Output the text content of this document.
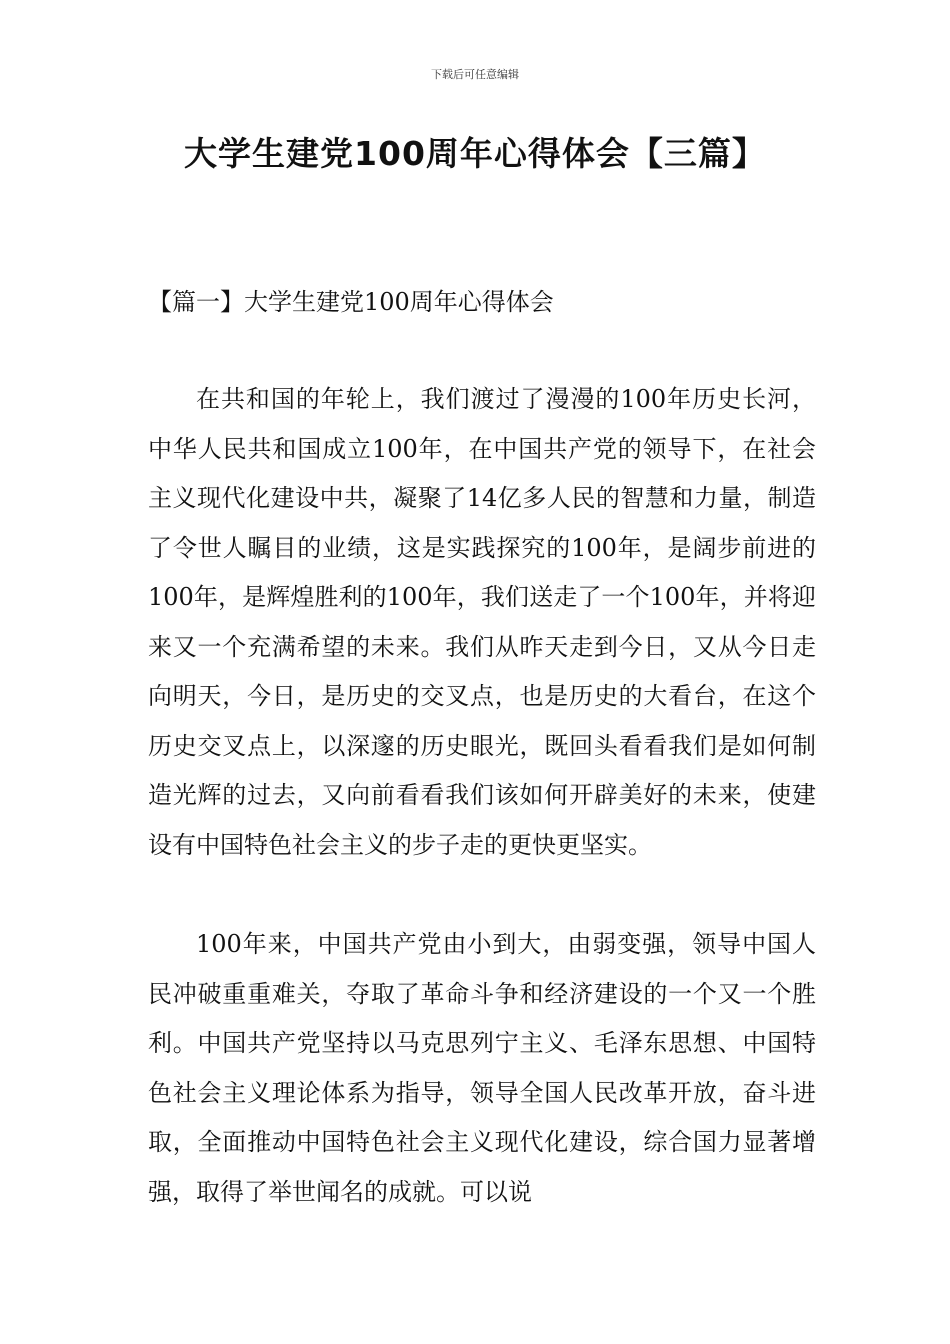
下载后可任意编辑
大学生建党100周年心得体会【三篇】
【篇一】大学生建党100周年心得体会

在共和国的年轮上，我们渡过了漫漫的100年历史长河，中华人民共和国成立100年，在中国共产党的领导下，在社会主义现代化建设中共，凝聚了14亿多人民的智慧和力量，制造了令世人瞩目的业绩，这是实践探究的100年，是阔步前进的100年，是辉煌胜利的100年，我们送走了一个100年，并将迎来又一个充满希望的未来。我们从昨天走到今日，又从今日走向明天，今日，是历史的交叉点，也是历史的大看台，在这个历史交叉点上，以深邃的历史眼光，既回头看看我们是如何制造光辉的过去，又向前看看我们该如何开辟美好的未来，使建设有中国特色社会主义的步子走的更快更坚实。

100年来，中国共产党由小到大，由弱变强，领导中国人民冲破重重难关，夺取了革命斗争和经济建设的一个又一个胜利。中国共产党坚持以马克思列宁主义、毛泽东思想、中国特色社会主义理论体系为指导，领导全国人民改革开放，奋斗进取，全面推动中国特色社会主义现代化建设，综合国力显著增强，取得了举世闻名的成就。可以说
